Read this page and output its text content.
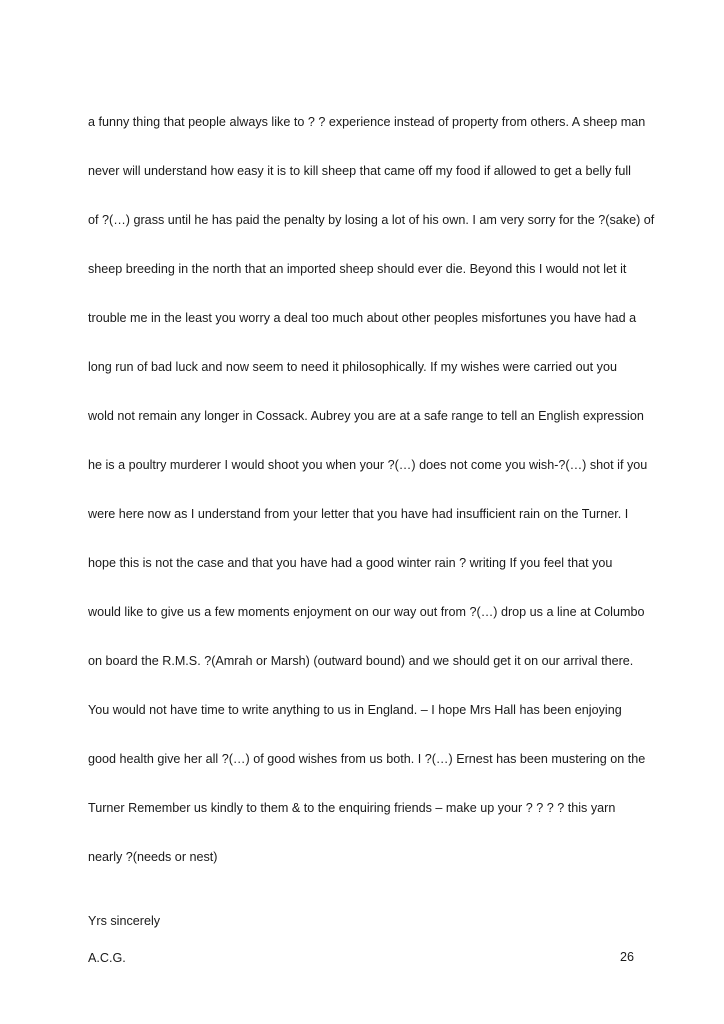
a funny thing that people always like to ? ? experience instead of property from others. A sheep man

never will understand how easy it is to kill sheep that came off my food if allowed to get a belly full

of ?(…) grass until he has paid the penalty by losing a lot of his own. I am very sorry for the ?(sake) of

sheep breeding in the north that an imported sheep should ever die. Beyond this I would not let it

trouble me in the least you worry a deal too much about other peoples misfortunes you have had a

long run of bad luck and now seem to need it philosophically. If my wishes were carried out you

wold not remain any longer in Cossack. Aubrey you are at a safe range to tell an English expression

he is a poultry murderer I would shoot you when your ?(…) does not come you wish-?(…) shot if you

were here now as I understand from your letter that you have had insufficient rain on the Turner. I

hope this is not the case and that you have had a good winter rain ? writing If you feel that you

would like to give us a few moments enjoyment on our way out from ?(…) drop us a line at Columbo

on board the R.M.S. ?(Amrah or Marsh) (outward bound) and we should get it on our arrival there.

You would not have time to write anything to us in England. – I hope Mrs Hall has been enjoying

good health give her all ?(…) of good wishes from us both. I ?(…) Ernest has been mustering on the

Turner Remember us kindly to them & to the enquiring friends – make up your ? ? ? ? this yarn

nearly ?(needs or nest)

Yrs sincerely

A.C.G.	26
